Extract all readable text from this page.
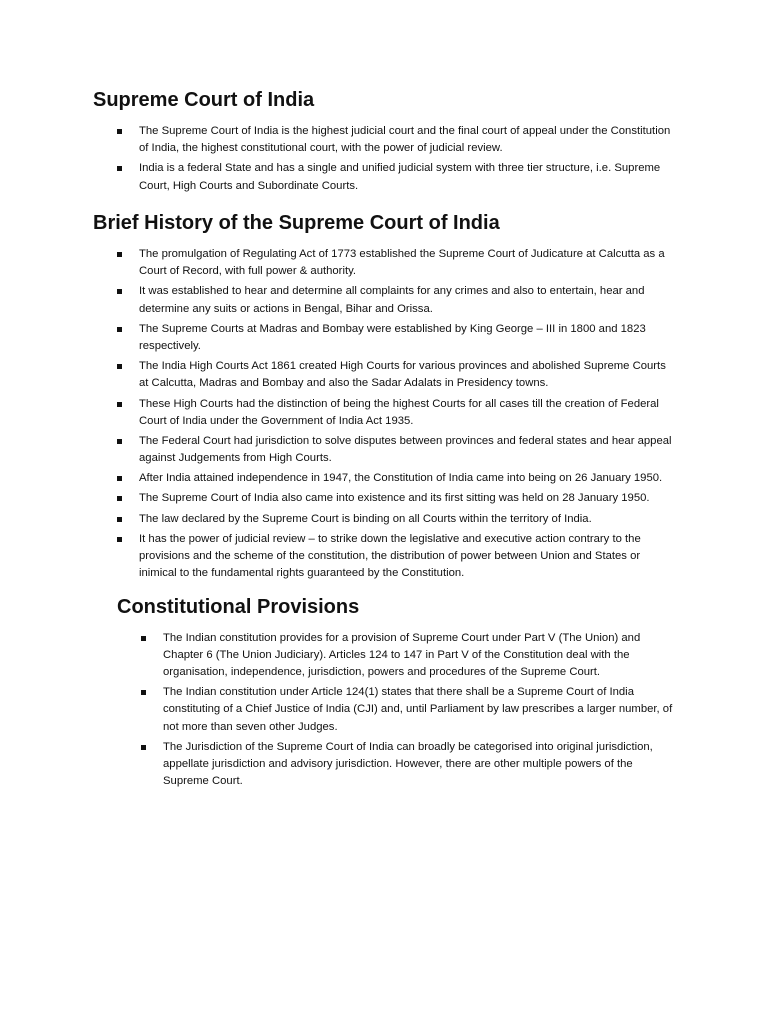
Supreme Court of India
The Supreme Court of India is the highest judicial court and the final court of appeal under the Constitution of India, the highest constitutional court, with the power of judicial review.
India is a federal State and has a single and unified judicial system with three tier structure, i.e. Supreme Court, High Courts and Subordinate Courts.
Brief History of the Supreme Court of India
The promulgation of Regulating Act of 1773 established the Supreme Court of Judicature at Calcutta as a Court of Record, with full power & authority.
It was established to hear and determine all complaints for any crimes and also to entertain, hear and determine any suits or actions in Bengal, Bihar and Orissa.
The Supreme Courts at Madras and Bombay were established by King George – III in 1800 and 1823 respectively.
The India High Courts Act 1861 created High Courts for various provinces and abolished Supreme Courts at Calcutta, Madras and Bombay and also the Sadar Adalats in Presidency towns.
These High Courts had the distinction of being the highest Courts for all cases till the creation of Federal Court of India under the Government of India Act 1935.
The Federal Court had jurisdiction to solve disputes between provinces and federal states and hear appeal against Judgements from High Courts.
After India attained independence in 1947, the Constitution of India came into being on 26 January 1950.
The Supreme Court of India also came into existence and its first sitting was held on 28 January 1950.
The law declared by the Supreme Court is binding on all Courts within the territory of India.
It has the power of judicial review – to strike down the legislative and executive action contrary to the provisions and the scheme of the constitution, the distribution of power between Union and States or inimical to the fundamental rights guaranteed by the Constitution.
Constitutional Provisions
The Indian constitution provides for a provision of Supreme Court under Part V (The Union) and Chapter 6 (The Union Judiciary). Articles 124 to 147 in Part V of the Constitution deal with the organisation, independence, jurisdiction, powers and procedures of the Supreme Court.
The Indian constitution under Article 124(1) states that there shall be a Supreme Court of India constituting of a Chief Justice of India (CJI) and, until Parliament by law prescribes a larger number, of not more than seven other Judges.
The Jurisdiction of the Supreme Court of India can broadly be categorised into original jurisdiction, appellate jurisdiction and advisory jurisdiction. However, there are other multiple powers of the Supreme Court.
